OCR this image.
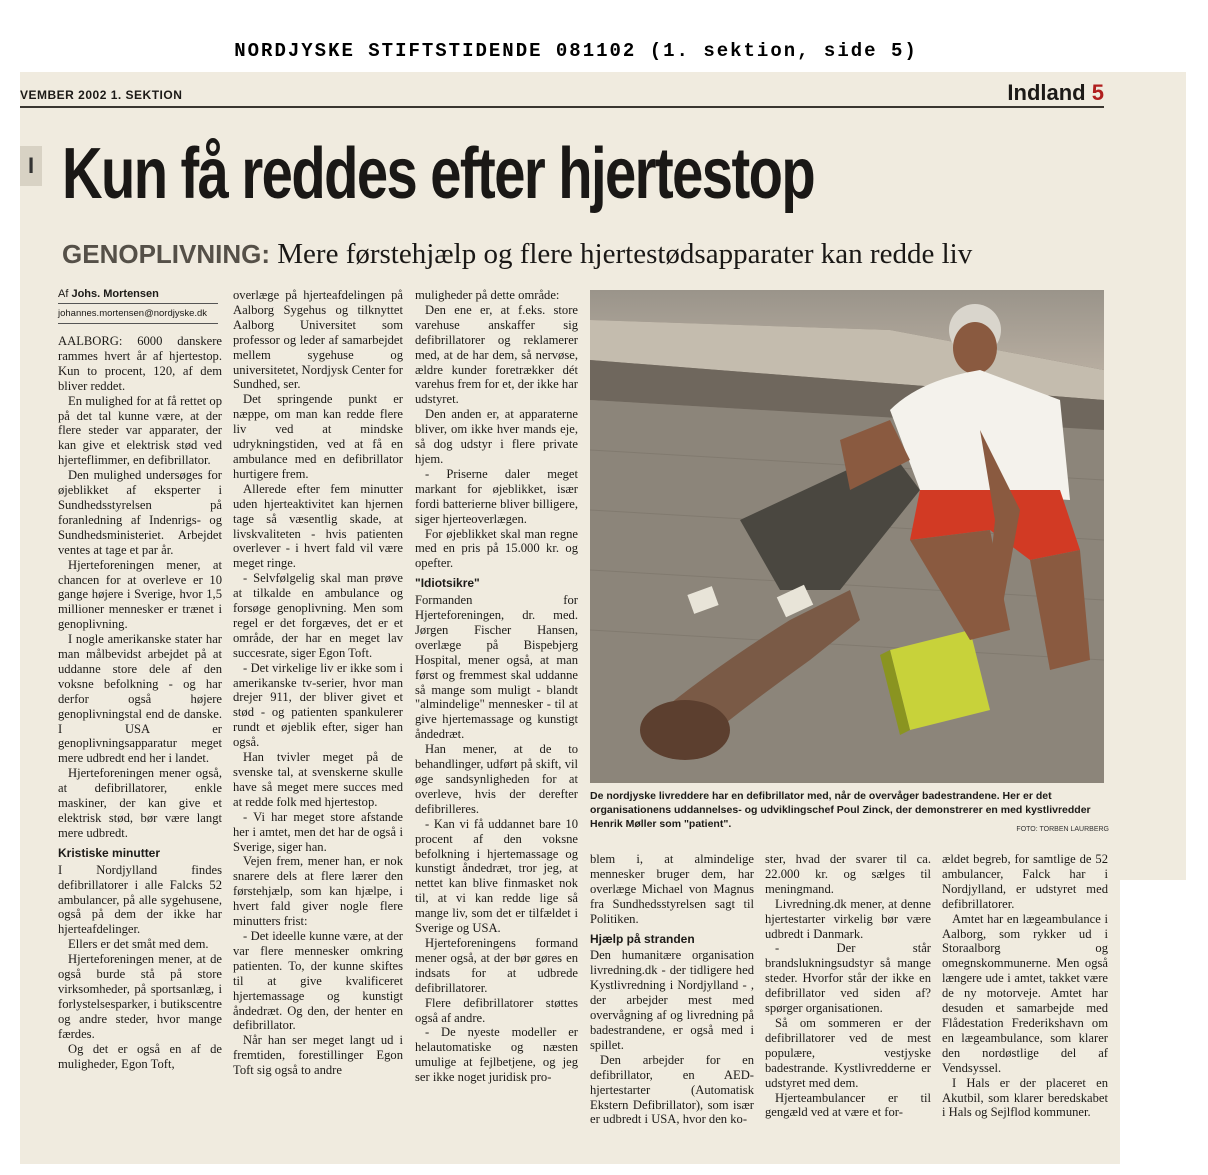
NORDJYSKE STIFTSTIDENDE 081102 (1. sektion, side 5)
VEMBER 2002 1. SEKTION	Indland 5
I Kun få reddes efter hjertestop
GENOPLIVNING: Mere førstehjælp og flere hjertestødsapparater kan redde liv
Af Johs. Mortensen
johannes.mortensen@nordjyske.dk

AALBORG: 6000 danskere rammes hvert år af hjertestop. Kun to procent, 120, af dem bliver reddet.

En mulighed for at få rettet op på det tal kunne være, at der flere steder var apparater, der kan give et elektrisk stød ved hjerteflimmer, en defibrillator.

Den mulighed undersøges for øjeblikket af eksperter i Sundhedsstyrelsen på foranledning af Indenrigs- og Sundhedsministeriet. Arbejdet ventes at tage et par år.

Hjerteforeningen mener, at chancen for at overleve er 10 gange højere i Sverige, hvor 1,5 millioner mennesker er trænet i genoplivning.

I nogle amerikanske stater har man målbevidst arbejdet på at uddanne store dele af den voksne befolkning - og har derfor også højere genoplivningstal end de danske. I USA er genoplivningsapparatur meget mere udbredt end her i landet.

Hjerteforeningen mener også, at defibrillatorer, enkle maskiner, der kan give et elektrisk stød, bør være langt mere udbredt.

Kristiske minutter

I Nordjylland findes defibrillatorer i alle Falcks 52 ambulancer, på alle sygehusene, også på dem der ikke har hjerteafdelinger.

Ellers er det småt med dem.

Hjerteforeningen mener, at de også burde stå på store virksomheder, på sportsanlæg, i forlystelsesparker, i butikscentre og andre steder, hvor mange færdes.

Og det er også en af de muligheder, Egon Toft,

overlæge på hjerteafdelingen på Aalborg Sygehus og tilknyttet Aalborg Universitet som professor og leder af samarbejdet mellem sygehuse og universitetet, Nordjysk Center for Sundhed, ser.

Det springende punkt er næppe, om man kan redde flere liv ved at mindske udrykningstiden, ved at få en ambulance med en defibrillator hurtigere frem.

Allerede efter fem minutter uden hjerteaktivitet kan hjernen tage så væsentlig skade, at livskvaliteten - hvis patienten overlever - i hvert fald vil være meget ringe.

- Selvfølgelig skal man prøve at tilkalde en ambulance og forsøge genoplivning. Men som regel er det forgæves, det er et område, der har en meget lav succesrate, siger Egon Toft.

- Det virkelige liv er ikke som i amerikanske tv-serier, hvor man drejer 911, der bliver givet et stød - og patienten spankulerer rundt et øjeblik efter, siger han også.

Han tvivler meget på de svenske tal, at svenskerne skulle have så meget mere succes med at redde folk med hjertestop.

- Vi har meget store afstande her i amtet, men det har de også i Sverige, siger han.

Vejen frem, mener han, er nok snarere dels at flere lærer den førstehjælp, som kan hjælpe, i hvert fald giver nogle flere minutters frist:

- Det ideelle kunne være, at der var flere mennesker omkring patienten. To, der kunne skiftes til at give kvalificeret hjertemassage og kunstigt åndedræt. Og den, der henter en defibrillator.

Når han ser meget langt ud i fremtiden, forestillinger Egon Toft sig også to andre

muligheder på dette område:

Den ene er, at f.eks. store varehuse anskaffer sig defibrillatorer og reklamerer med, at de har dem, så nervøse, ældre kunder foretrækker dét varehus frem for et, der ikke har udstyret.

Den anden er, at apparaterne bliver, om ikke hver mands eje, så dog udstyr i flere private hjem.

- Priserne daler meget markant for øjeblikket, især fordi batterierne bliver billigere, siger hjerteoverlægen.

For øjeblikket skal man regne med en pris på 15.000 kr. og opefter.

"Idiotsikre"

Formanden for Hjerteforeningen, dr. med. Jørgen Fischer Hansen, overlæge på Bispebjerg Hospital, mener også, at man først og fremmest skal uddanne så mange som muligt - blandt "almindelige" mennesker - til at give hjertemassage og kunstigt åndedræt.

Han mener, at de to behandlinger, udført på skift, vil øge sandsynligheden for at overleve, hvis der derefter defibrilleres.

- Kan vi få uddannet bare 10 procent af den voksne befolkning i hjertemassage og kunstigt åndedræt, tror jeg, at nettet kan blive finmasket nok til, at vi kan redde lige så mange liv, som det er tilfældet i Sverige og USA.

Hjerteforeningens formand mener også, at der bør gøres en indsats for at udbrede defibrillatorer.

Flere defibrillatorer støttes også af andre.

- De nyeste modeller er helautomatiske og næsten umulige at fejlbetjene, og jeg ser ikke noget juridisk pro-

De nordjyske livreddere har en defibrillator med, når de overvåger badestrandene. Her er det organisationens uddannelses- og udviklingschef Poul Zinck, der demonstrerer en med kystlivredder Henrik Møller som "patient".	FOTO: TORBEN LAURBERG

blem i, at almindelige mennesker bruger dem, har overlæge Michael von Magnus fra Sundhedsstyrelsen sagt til Politiken.

Hjælp på stranden

Den humanitære organisation livredning.dk - der tidligere hed Kystlivredning i Nordjylland - , der arbejder mest med overvågning af og livredning på badestrandene, er også med i spillet.

Den arbejder for en defibrillator, en AED-hjertestarter (Automatisk Ekstern Defibrillator), som især er udbredt i USA, hvor den ko-

ster, hvad der svarer til ca. 22.000 kr. og sælges til meningmand.

Livredning.dk mener, at denne hjertestarter virkelig bør være udbredt i Danmark.

- Der står brandslukningsudstyr så mange steder. Hvorfor står der ikke en defibrillator ved siden af? spørger organisationen.

Så om sommeren er der defibrillatorer ved de mest populære, vestjyske badestrande. Kystlivredderne er udstyret med dem.

Hjerteambulancer er til gengæld ved at være et for-

ældet begreb, for samtlige de 52 ambulancer, Falck har i Nordjylland, er udstyret med defibrillatorer.

Amtet har en lægeambulance i Aalborg, som rykker ud i Storaalborg og omegnskommunerne. Men også længere ude i amtet, takket være de ny motorveje. Amtet har desuden et samarbejde med Flådestation Frederikshavn om en lægeambulance, som klarer den nordøstlige del af Vendsyssel.

I Hals er der placeret en Akutbil, som klarer beredskabet i Hals og Sejlflod kommuner.
